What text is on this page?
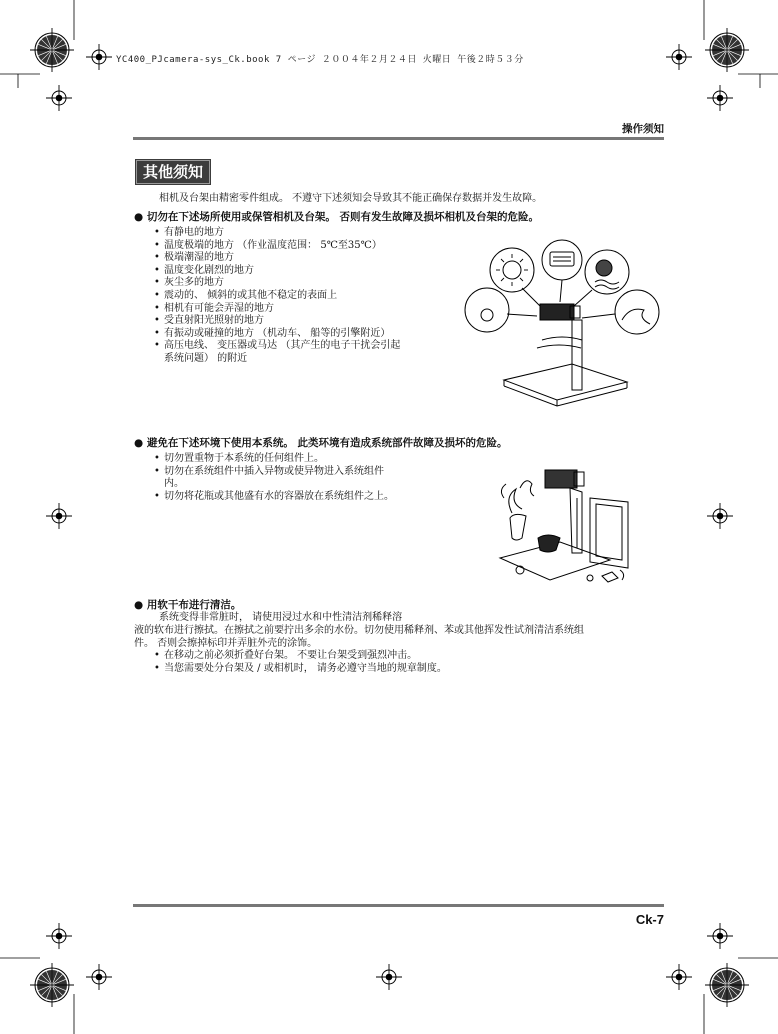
YC400_PJcamera-sys_Ck.book 7 ページ ２００４年２月２４日 火曜日 午後２時５３分
操作须知
其他须知
相机及台架由精密零件组成。 不遵守下述须知会导致其不能正确保存数据并发生故障。
● 切勿在下述场所使用或保管相机及台架。 否则有发生故障及损坏相机及台架的危险。
• 有静电的地方
• 温度极端的地方 （作业温度范围： 5℃至35℃）
• 极端潮湿的地方
• 温度变化剧烈的地方
• 灰尘多的地方
• 震动的、 倾斜的或其他不稳定的表面上
• 相机有可能会弄湿的地方
• 受直射阳光照射的地方
• 有振动或碰撞的地方 （机动车、 船等的引擎附近）
• 高压电线、 变压器或马达 （其产生的电子干扰会引起
系统问题） 的附近
● 避免在下述环境下使用本系统。 此类环境有造成系统部件故障及损坏的危险。
• 切勿置重物于本系统的任何组件上。
• 切勿在系统组件中插入异物或使异物进入系统组件
内。
• 切勿将花瓶或其他盛有水的容器放在系统组件之上。
● 用软干布进行清洁。
系统变得非常脏时， 请使用浸过水和中性清洁剂稀释溶
液的软布进行擦拭。在擦拭之前要拧出多余的水份。切勿使用稀释剂、苯或其他挥发性试剂清洁系统组
件。 否则会擦掉标印并弄脏外壳的涂饰。
• 在移动之前必须折叠好台架。 不要让台架受到强烈冲击。
• 当您需要处分台架及 / 或相机时， 请务必遵守当地的规章制度。
Ck-7
